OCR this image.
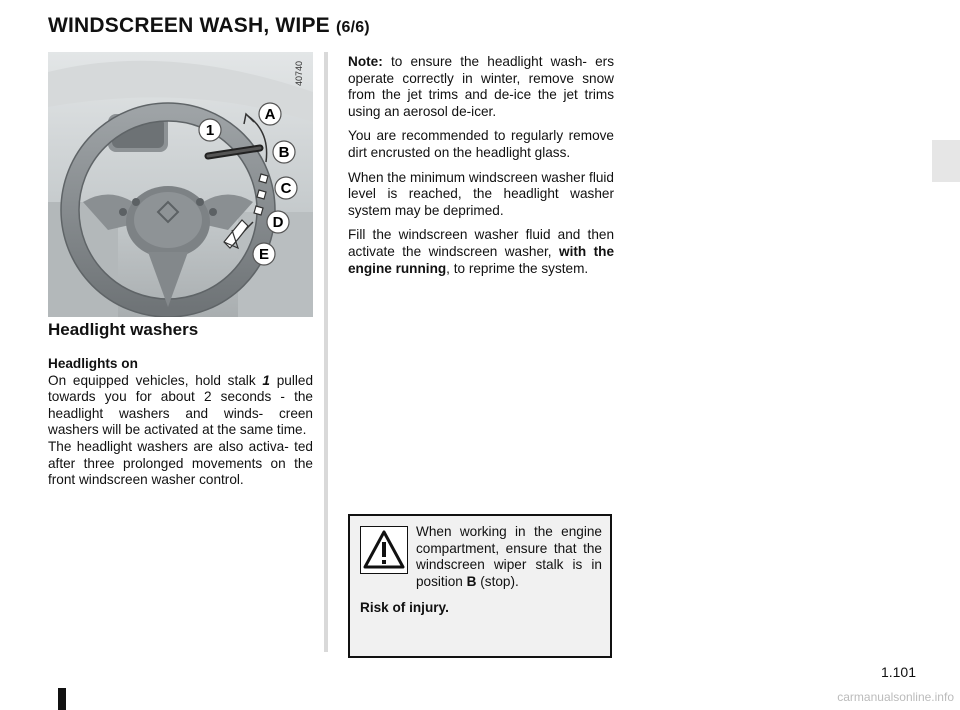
WINDSCREEN WASH, WIPE (6/6)
1
A
B
C
D
E
40740
Headlight washers
Headlights on
On equipped vehicles, hold stalk 1 pulled towards you for about 2 seconds - the headlight washers and winds- creen washers will be activated at the same time.
The headlight washers are also activa- ted after three prolonged movements on the front windscreen washer control.

Note: to ensure the headlight wash- ers operate correctly in winter, remove snow from the jet trims and de-ice the jet trims using an aerosol de-icer.

You are recommended to regularly remove dirt encrusted on the headlight glass.

When the minimum windscreen washer fluid level is reached, the headlight washer system may be deprimed.

Fill the windscreen washer fluid and then activate the windscreen washer, with the engine running, to reprime the system.

When working in the engine compartment, ensure that the windscreen wiper stalk is in position B (stop).
Risk of injury.
1.101
carmanualsonline.info
